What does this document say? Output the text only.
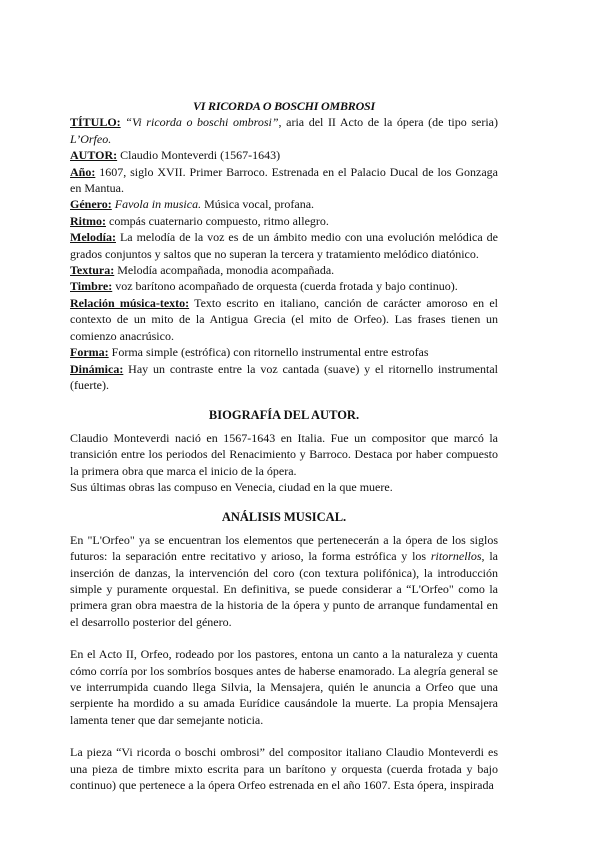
VI RICORDA O BOSCHI OMBROSI

TÍTULO: “Vi ricorda o boschi ombrosi”, aria del II Acto de la ópera (de tipo seria) L’Orfeo.

AUTOR: Claudio Monteverdi (1567-1643)

Año: 1607, siglo XVII. Primer Barroco. Estrenada en el Palacio Ducal de los Gonzaga en Mantua.

Género: Favola in musica. Música vocal, profana.

Ritmo: compás cuaternario compuesto, ritmo allegro.

Melodía: La melodía de la voz es de un ámbito medio con una evolución melódica de grados conjuntos y saltos que no superan la tercera y tratamiento melódico diatónico.

Textura: Melodía acompañada, monodia acompañada.

Timbre: voz barítono acompañado de orquesta (cuerda frotada y bajo continuo).

Relación música-texto: Texto escrito en italiano, canción de carácter amoroso en el contexto de un mito de la Antigua Grecia (el mito de Orfeo). Las frases tienen un comienzo anacrúsico.

Forma: Forma simple (estrófica) con ritornello instrumental entre estrofas

Dinámica: Hay un contraste entre la voz cantada (suave) y el ritornello instrumental (fuerte).

BIOGRAFÍA DEL AUTOR.

Claudio Monteverdi nació en 1567-1643 en Italia. Fue un compositor que marcó la transición entre los periodos del Renacimiento y Barroco. Destaca por haber compuesto la primera obra que marca el inicio de la ópera.

Sus últimas obras las compuso en Venecia, ciudad en la que muere.

ANÁLISIS MUSICAL.

En "L'Orfeo" ya se encuentran los elementos que pertenecerán a la ópera de los siglos futuros: la separación entre recitativo y arioso, la forma estrófica y los ritornellos, la inserción de danzas, la intervención del coro (con textura polifónica), la introducción simple y puramente orquestal. En definitiva, se puede considerar a “L'Orfeo" como la primera gran obra maestra de la historia de la ópera y punto de arranque fundamental en el desarrollo posterior del género.

En el Acto II, Orfeo, rodeado por los pastores, entona un canto a la naturaleza y cuenta cómo corría por los sombríos bosques antes de haberse enamorado. La alegría general se ve interrumpida cuando llega Silvia, la Mensajera, quién le anuncia a Orfeo que una serpiente ha mordido a su amada Eurídice causándole la muerte. La propia Mensajera lamenta tener que dar semejante noticia.

La pieza “Vi ricorda o boschi ombrosi” del compositor italiano Claudio Monteverdi es una pieza de timbre mixto escrita para un barítono y orquesta (cuerda frotada y bajo continuo) que pertenece a la ópera Orfeo estrenada en el año 1607. Esta ópera, inspirada
